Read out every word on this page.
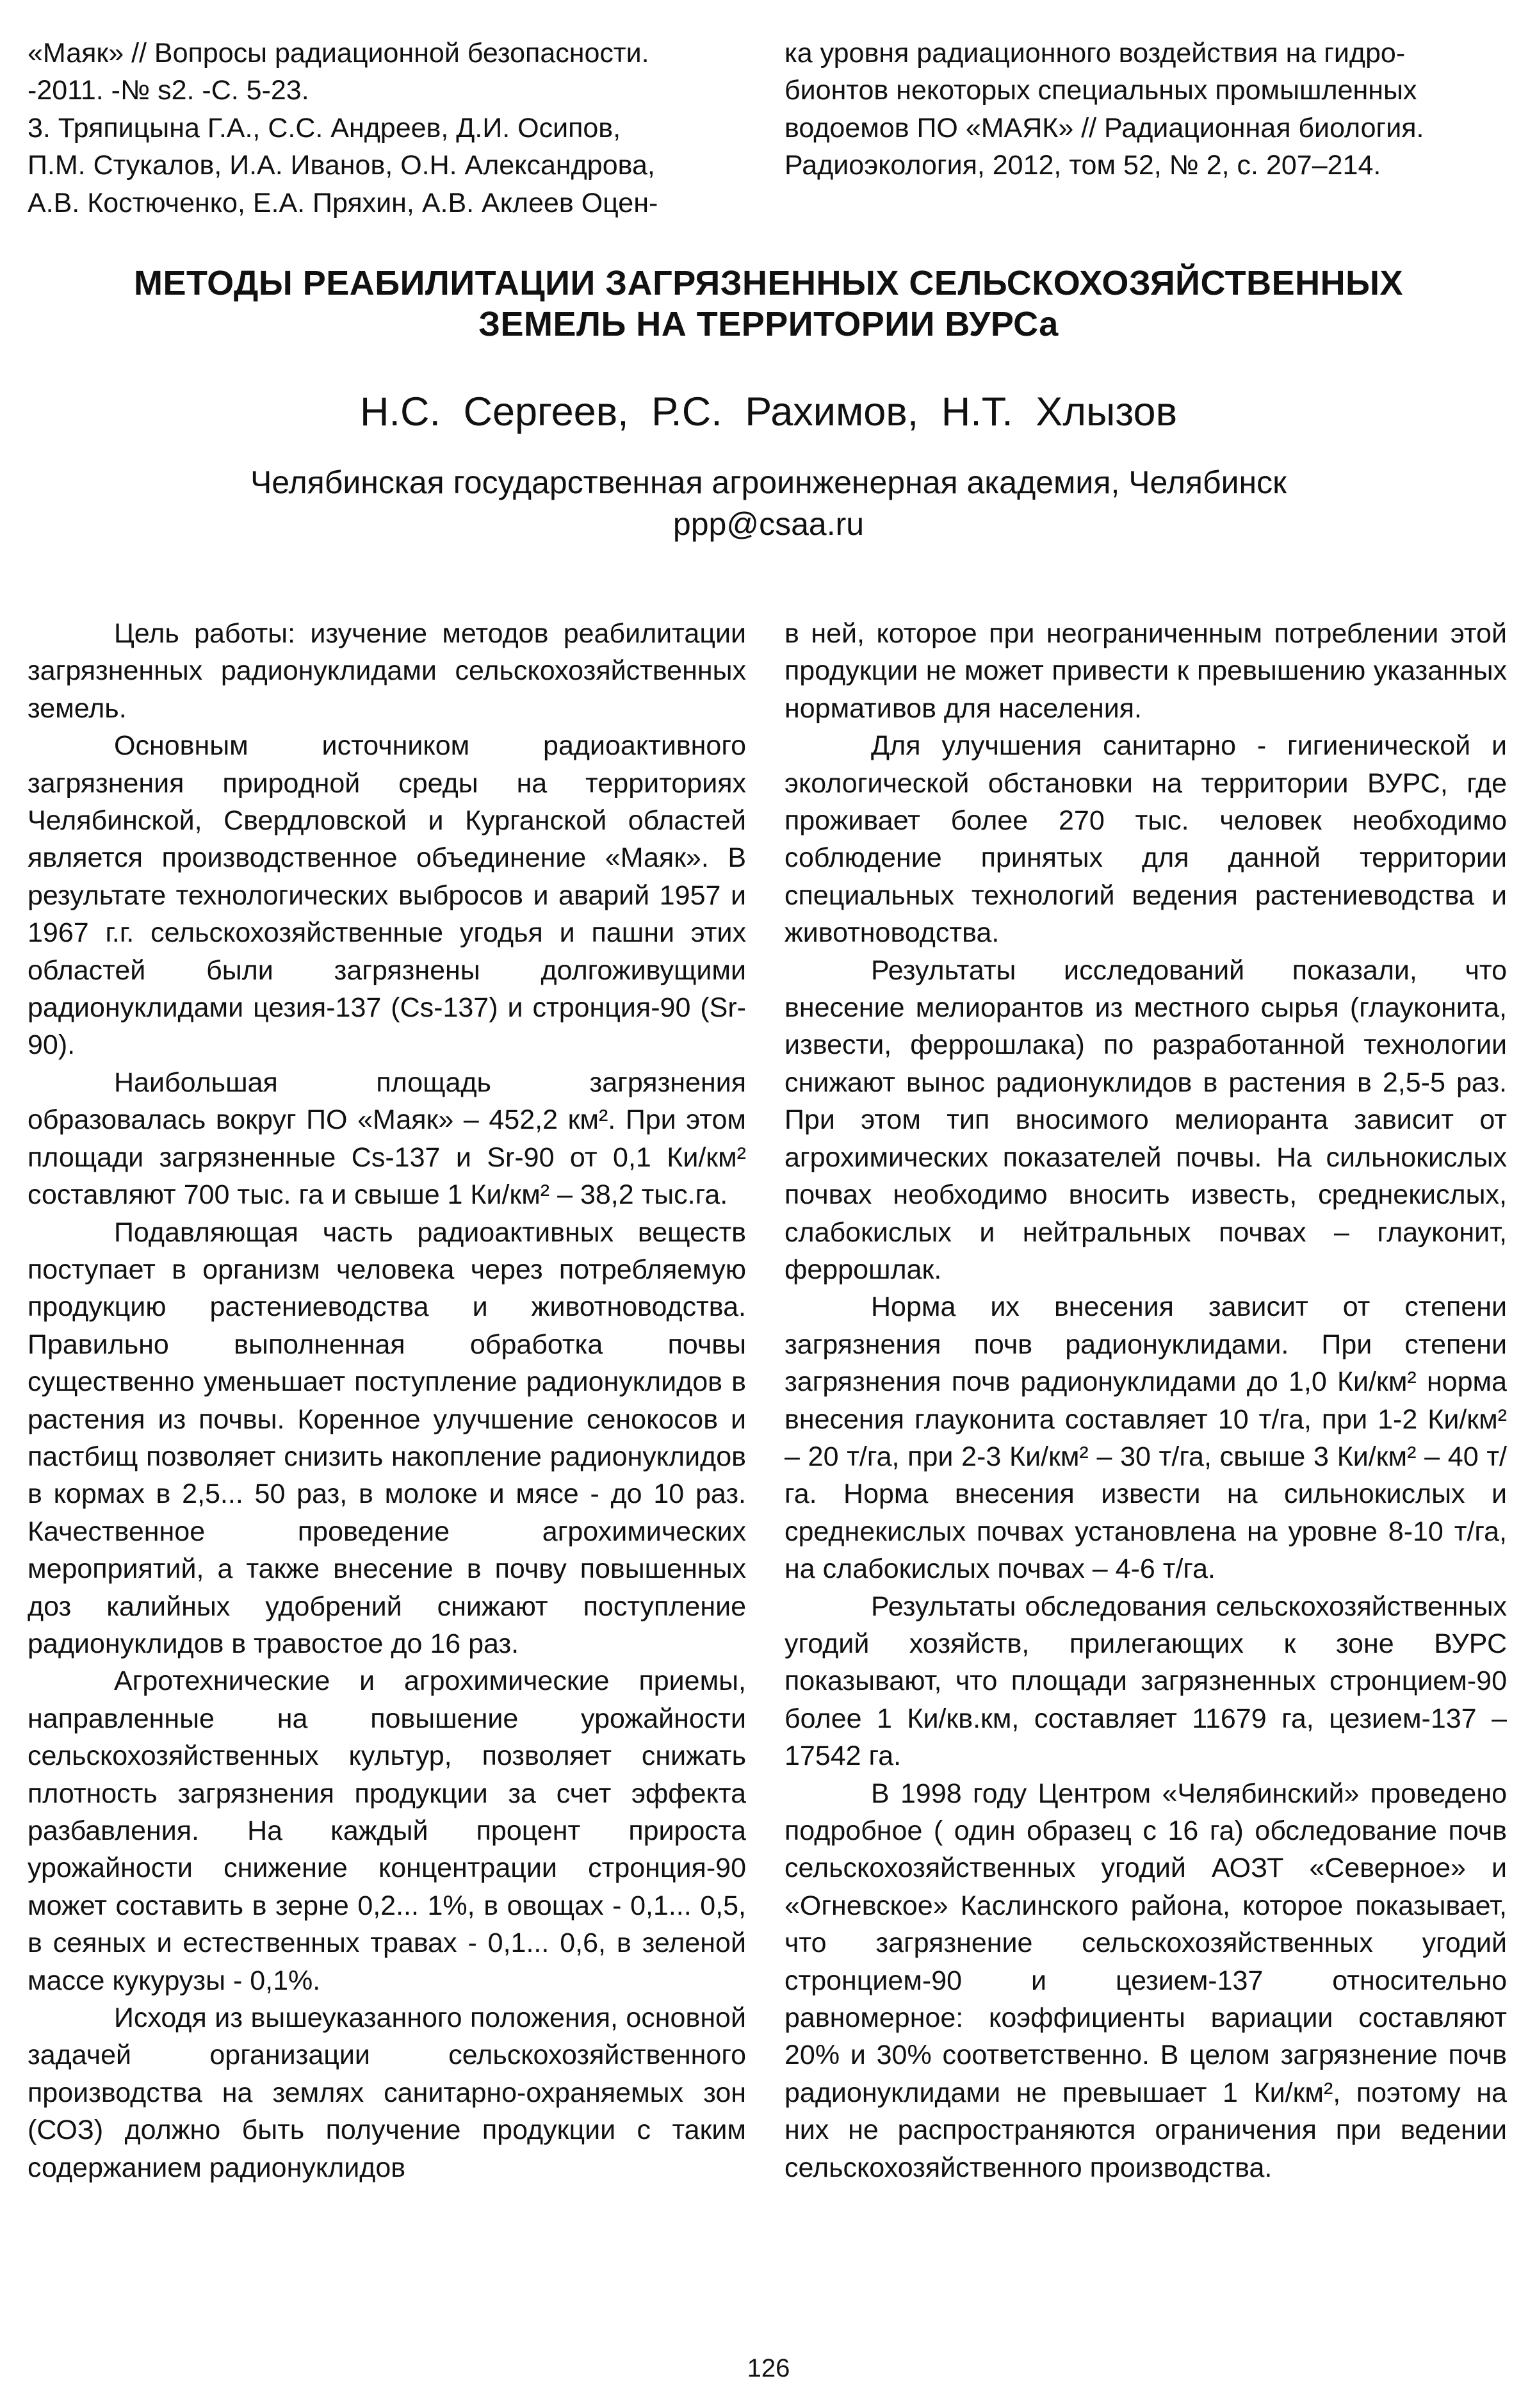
«Маяк» // Вопросы радиационной безопасности.
-2011. -№ s2. -С. 5-23.
3. Тряпицына Г.А., С.С. Андреев, Д.И. Осипов,
П.М. Стукалов, И.А. Иванов, О.Н. Александрова,
А.В. Костюченко, Е.А. Пряхин, А.В. Аклеев Оцен-
ка уровня радиационного воздействия на гидро-
бионтов некоторых специальных промышленных
водоемов ПО «МАЯК» // Радиационная биология.
Радиоэкология, 2012, том 52, № 2, с. 207–214.
МЕТОДЫ РЕАБИЛИТАЦИИ ЗАГРЯЗНЕННЫХ СЕЛЬСКОХОЗЯЙСТВЕННЫХ
ЗЕМЕЛЬ НА ТЕРРИТОРИИ ВУРСа
Н.С. Сергеев, Р.С. Рахимов, Н.Т. Хлызов
Челябинская государственная агроинженерная академия, Челябинск
ppp@csaa.ru

Цель работы: изучение методов реабилитации загрязненных радионуклидами сельскохозяйственных земель.

Основным источником радиоактивного загрязнения природной среды на территориях Челябинской, Свердловской и Курганской областей является производственное объединение «Маяк». В результате технологических выбросов и аварий 1957 и 1967 г.г. сельскохозяйственные угодья и пашни этих областей были загрязнены долгоживущими радионуклидами цезия-137 (Cs-137) и стронция-90 (Sr-90).

Наибольшая площадь загрязнения образовалась вокруг ПО «Маяк» – 452,2 км². При этом площади загрязненные Cs-137 и Sr-90 от 0,1 Ки/км² составляют 700 тыс. га и свыше 1 Ки/км² – 38,2 тыс.га.

Подавляющая часть радиоактивных веществ поступает в организм человека через потребляемую продукцию растениеводства и животноводства. Правильно выполненная обработка почвы существенно уменьшает поступление радионуклидов в растения из почвы. Коренное улучшение сенокосов и пастбищ позволяет снизить накопление радионуклидов в кормах в 2,5... 50 раз, в молоке и мясе - до 10 раз. Качественное проведение агрохимических мероприятий, а также внесение в почву повышенных доз калийных удобрений снижают поступление радионуклидов в травостое до 16 раз.

Агротехнические и агрохимические приемы, направленные на повышение урожайности сельскохозяйственных культур, позволяет снижать плотность загрязнения продукции за счет эффекта разбавления. На каждый процент прироста урожайности снижение концентрации стронция-90 может составить в зерне 0,2... 1%, в овощах - 0,1... 0,5, в сеяных и естественных травах - 0,1... 0,6, в зеленой массе кукурузы - 0,1%.

Исходя из вышеуказанного положения, основной задачей организации сельскохозяйственного производства на землях санитарно-охраняемых зон (СОЗ) должно быть получение продукции с таким содержанием радионуклидов

в ней, которое при неограниченным потреблении этой продукции не может привести к превышению указанных нормативов для населения.

Для улучшения санитарно - гигиенической и экологической обстановки на территории ВУРС, где проживает более 270 тыс. человек необходимо соблюдение принятых для данной территории специальных технологий ведения растениеводства и животноводства.

Результаты исследований показали, что внесение мелиорантов из местного сырья (глауконита, извести, феррошлака) по разработанной технологии снижают вынос радионуклидов в растения в 2,5-5 раз. При этом тип вносимого мелиоранта зависит от агрохимических показателей почвы. На сильнокислых почвах необходимо вносить известь, среднекислых, слабокислых и нейтральных почвах – глауконит, феррошлак.

Норма их внесения зависит от степени загрязнения почв радионуклидами. При степени загрязнения почв радионуклидами до 1,0 Ки/км² норма внесения глауконита составляет 10 т/га, при 1-2 Ки/км² – 20 т/га, при 2-3 Ки/км² – 30 т/га, свыше 3 Ки/км² – 40 т/га. Норма внесения извести на сильнокислых и среднекислых почвах установлена на уровне 8-10 т/га, на слабокислых почвах – 4-6 т/га.

Результаты обследования сельскохозяйственных угодий хозяйств, прилегающих к зоне ВУРС показывают, что площади загрязненных стронцием-90 более 1 Ки/кв.км, составляет 11679 га, цезием-137 – 17542 га.

В 1998 году Центром «Челябинский» проведено подробное ( один образец с 16 га) обследование почв сельскохозяйственных угодий АОЗТ «Северное» и «Огневское» Каслинского района, которое показывает, что загрязнение сельскохозяйственных угодий стронцием-90 и цезием-137 относительно равномерное: коэффициенты вариации составляют 20% и 30% соответственно. В целом загрязнение почв радионуклидами не превышает 1 Ки/км², поэтому на них не распространяются ограничения при ведении сельскохозяйственного производства.

126
